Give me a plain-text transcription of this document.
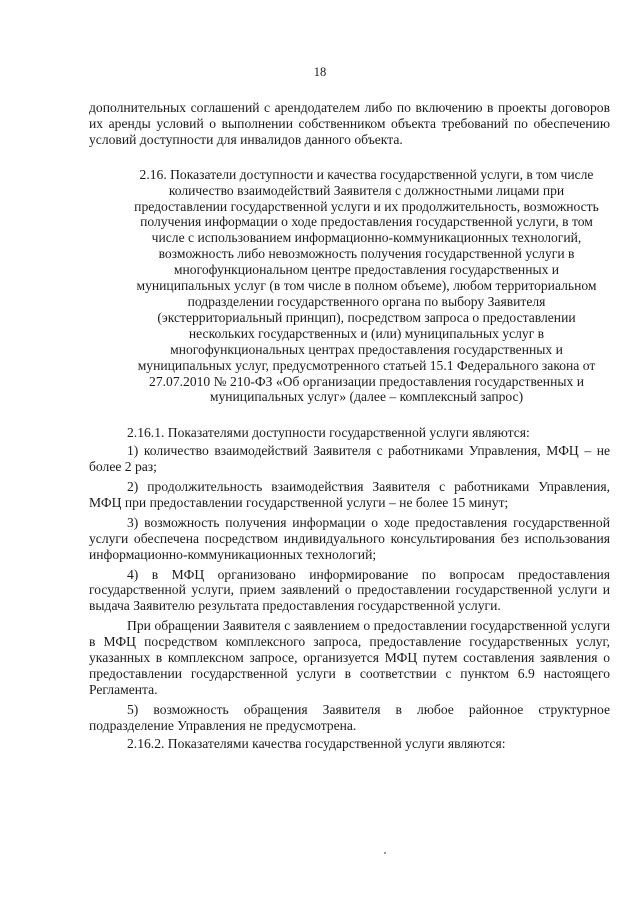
18

дополнительных соглашений с арендодателем либо по включению в проекты договоров их аренды условий о выполнении собственником объекта требований по обеспечению условий доступности для инвалидов данного объекта.

2.16. Показатели доступности и качества государственной услуги, в том числе количество взаимодействий Заявителя с должностными лицами при предоставлении государственной услуги и их продолжительность, возможность получения информации о ходе предоставления государственной услуги, в том числе с использованием информационно-коммуникационных технологий, возможность либо невозможность получения государственной услуги в многофункциональном центре предоставления государственных и муниципальных услуг (в том числе в полном объеме), любом территориальном подразделении государственного органа по выбору Заявителя (экстерриториальный принцип), посредством запроса о предоставлении нескольких государственных и (или) муниципальных услуг в многофункциональных центрах предоставления государственных и муниципальных услуг, предусмотренного статьей 15.1 Федерального закона от 27.07.2010 № 210-ФЗ «Об организации предоставления государственных и муниципальных услуг» (далее – комплексный запрос)

2.16.1. Показателями доступности государственной услуги являются:

1) количество взаимодействий Заявителя с работниками Управления, МФЦ – не более 2 раз;

2) продолжительность взаимодействия Заявителя с работниками Управления, МФЦ при предоставлении государственной услуги – не более 15 минут;

3) возможность получения информации о ходе предоставления государственной услуги обеспечена посредством индивидуального консультирования без использования информационно-коммуникационных технологий;

4) в МФЦ организовано информирование по вопросам предоставления государственной услуги, прием заявлений о предоставлении государственной услуги и выдача Заявителю результата предоставления государственной услуги.

При обращении Заявителя с заявлением о предоставлении государственной услуги в МФЦ посредством комплексного запроса, предоставление государственных услуг, указанных в комплексном запросе, организуется МФЦ путем составления заявления о предоставлении государственной услуги в соответствии с пунктом 6.9 настоящего Регламента.

5) возможность обращения Заявителя в любое районное структурное подразделение Управления не предусмотрена.

2.16.2. Показателями качества государственной услуги являются:
